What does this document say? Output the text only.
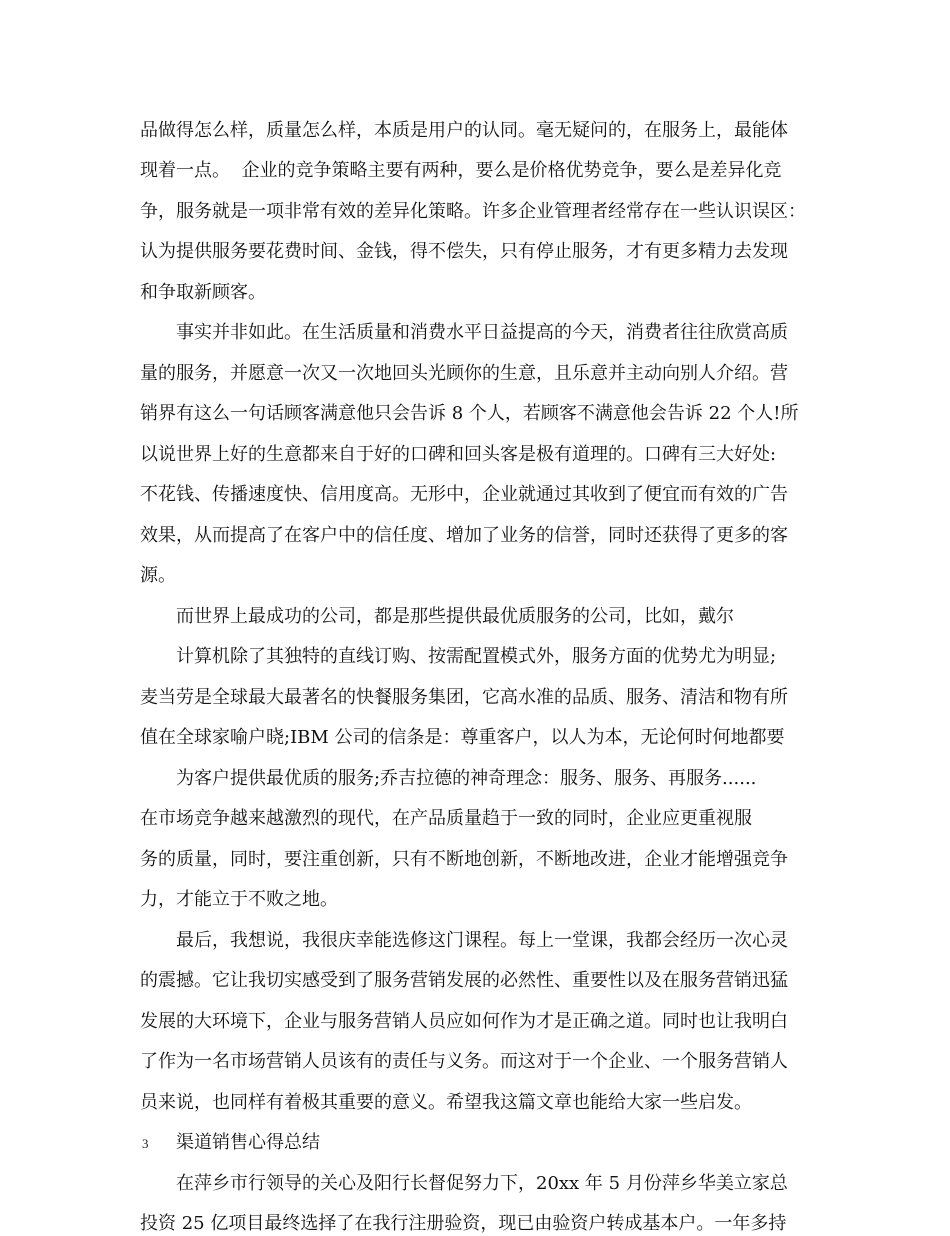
品做得怎么样，质量怎么样，本质是用户的认同。毫无疑问的，在服务上，最能体
现着一点。  企业的竞争策略主要有两种，要么是价格优势竞争，要么是差异化竞
争，服务就是一项非常有效的差异化策略。许多企业管理者经常存在一些认识误区：
认为提供服务要花费时间、金钱，得不偿失，只有停止服务，才有更多精力去发现
和争取新顾客。
事实并非如此。在生活质量和消费水平日益提高的今天，消费者往往欣赏高质
量的服务，并愿意一次又一次地回头光顾你的生意，且乐意并主动向别人介绍。营
销界有这么一句话顾客满意他只会告诉 8 个人，若顾客不满意他会告诉 22 个人!所
以说世界上好的生意都来自于好的口碑和回头客是极有道理的。口碑有三大好处:
不花钱、传播速度快、信用度高。无形中，企业就通过其收到了便宜而有效的广告
效果，从而提高了在客户中的信任度、增加了业务的信誉，同时还获得了更多的客
源。
而世界上最成功的公司，都是那些提供最优质服务的公司，比如，戴尔
计算机除了其独特的直线订购、按需配置模式外，服务方面的优势尤为明显;
麦当劳是全球最大最著名的快餐服务集团，它高水准的品质、服务、清洁和物有所
值在全球家喻户晓;IBM 公司的信条是：尊重客户，以人为本，无论何时何地都要
为客户提供最优质的服务;乔吉拉德的神奇理念：服务、服务、再服务......
在市场竞争越来越激烈的现代，在产品质量趋于一致的同时，企业应更重视服
务的质量，同时，要注重创新，只有不断地创新，不断地改进，企业才能增强竞争
力，才能立于不败之地。
最后，我想说，我很庆幸能选修这门课程。每上一堂课，我都会经历一次心灵
的震撼。它让我切实感受到了服务营销发展的必然性、重要性以及在服务营销迅猛
发展的大环境下，企业与服务营销人员应如何作为才是正确之道。同时也让我明白
了作为一名市场营销人员该有的责任与义务。而这对于一个企业、一个服务营销人
员来说，也同样有着极其重要的意义。希望我这篇文章也能给大家一些启发。
渠道销售心得总结
在萍乡市行领导的关心及阳行长督促努力下，20xx 年 5 月份萍乡华美立家总
投资 25 亿项目最终选择了在我行注册验资，现已由验资户转成基本户。一年多持
3
